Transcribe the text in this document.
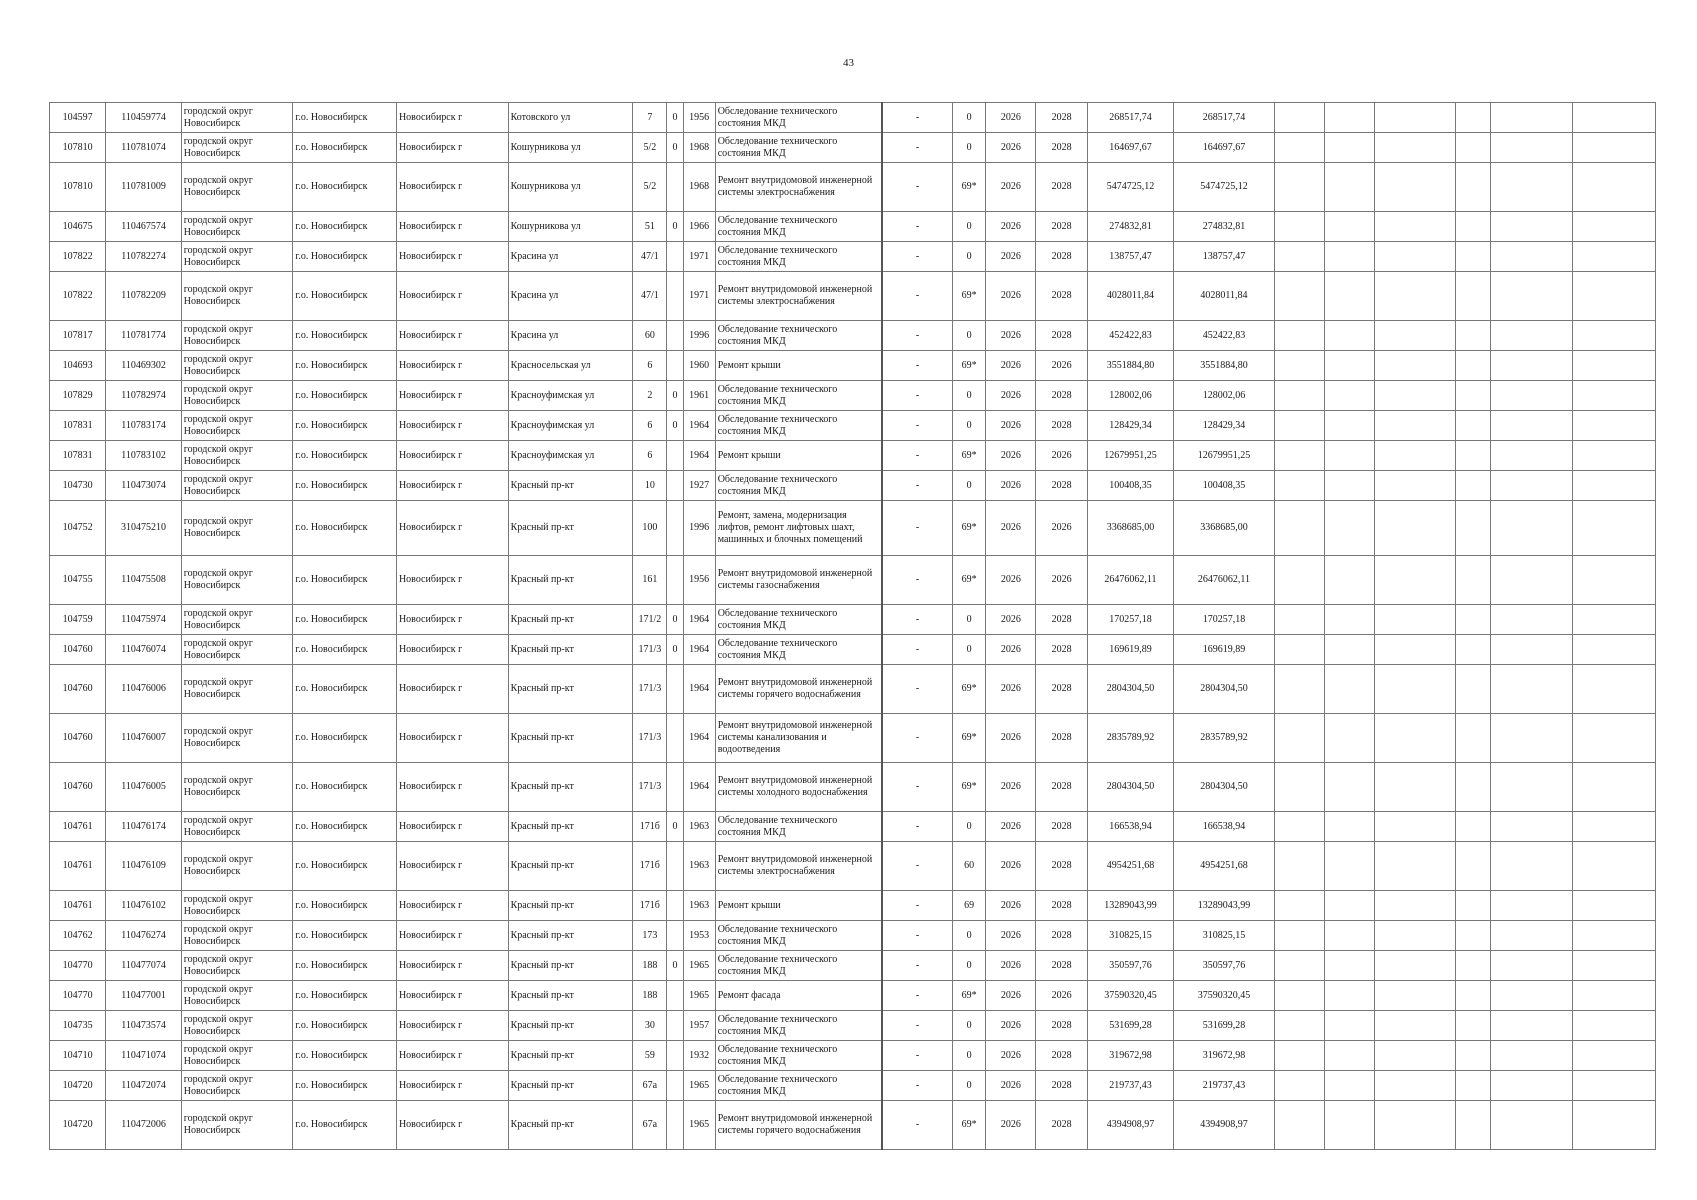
43
104597	110459774	городской округ Новосибирск	г.о. Новосибирск	Новосибирск г	Котовского ул	7	0	1956	Обследование технического состояния МКД	-	0	2026	2028	268517,74	268517,74						
107810	110781074	городской округ Новосибирск	г.о. Новосибирск	Новосибирск г	Кошурникова ул	5/2	0	1968	Обследование технического состояния МКД	-	0	2026	2028	164697,67	164697,67						
107810	110781009	городской округ Новосибирск	г.о. Новосибирск	Новосибирск г	Кошурникова ул	5/2		1968	Ремонт внутридомовой инженерной системы электроснабжения	-	69*	2026	2028	5474725,12	5474725,12						
104675	110467574	городской округ Новосибирск	г.о. Новосибирск	Новосибирск г	Кошурникова ул	51	0	1966	Обследование технического состояния МКД	-	0	2026	2028	274832,81	274832,81						
107822	110782274	городской округ Новосибирск	г.о. Новосибирск	Новосибирск г	Красина ул	47/1		1971	Обследование технического состояния МКД	-	0	2026	2028	138757,47	138757,47						
107822	110782209	городской округ Новосибирск	г.о. Новосибирск	Новосибирск г	Красина ул	47/1		1971	Ремонт внутридомовой инженерной системы электроснабжения	-	69*	2026	2028	4028011,84	4028011,84						
107817	110781774	городской округ Новосибирск	г.о. Новосибирск	Новосибирск г	Красина ул	60		1996	Обследование технического состояния МКД	-	0	2026	2028	452422,83	452422,83						
104693	110469302	городской округ Новосибирск	г.о. Новосибирск	Новосибирск г	Красносельская ул	6		1960	Ремонт крыши	-	69*	2026	2026	3551884,80	3551884,80						
107829	110782974	городской округ Новосибирск	г.о. Новосибирск	Новосибирск г	Красноуфимская ул	2	0	1961	Обследование технического состояния МКД	-	0	2026	2028	128002,06	128002,06						
107831	110783174	городской округ Новосибирск	г.о. Новосибирск	Новосибирск г	Красноуфимская ул	6	0	1964	Обследование технического состояния МКД	-	0	2026	2028	128429,34	128429,34						
107831	110783102	городской округ Новосибирск	г.о. Новосибирск	Новосибирск г	Красноуфимская ул	6		1964	Ремонт крыши	-	69*	2026	2026	12679951,25	12679951,25						
104730	110473074	городской округ Новосибирск	г.о. Новосибирск	Новосибирск г	Красный пр-кт	10		1927	Обследование технического состояния МКД	-	0	2026	2028	100408,35	100408,35						
104752	310475210	городской округ Новосибирск	г.о. Новосибирск	Новосибирск г	Красный пр-кт	100		1996	Ремонт, замена, модернизация лифтов, ремонт лифтовых шахт, машинных и блочных помещений	-	69*	2026	2026	3368685,00	3368685,00						
104755	110475508	городской округ Новосибирск	г.о. Новосибирск	Новосибирск г	Красный пр-кт	161		1956	Ремонт внутридомовой инженерной системы газоснабжения	-	69*	2026	2026	26476062,11	26476062,11						
104759	110475974	городской округ Новосибирск	г.о. Новосибирск	Новосибирск г	Красный пр-кт	171/2	0	1964	Обследование технического состояния МКД	-	0	2026	2028	170257,18	170257,18						
104760	110476074	городской округ Новосибирск	г.о. Новосибирск	Новосибирск г	Красный пр-кт	171/3	0	1964	Обследование технического состояния МКД	-	0	2026	2028	169619,89	169619,89						
104760	110476006	городской округ Новосибирск	г.о. Новосибирск	Новосибирск г	Красный пр-кт	171/3		1964	Ремонт внутридомовой инженерной системы горячего водоснабжения	-	69*	2026	2028	2804304,50	2804304,50						
104760	110476007	городской округ Новосибирск	г.о. Новосибирск	Новосибирск г	Красный пр-кт	171/3		1964	Ремонт внутридомовой инженерной системы канализования и водоотведения	-	69*	2026	2028	2835789,92	2835789,92						
104760	110476005	городской округ Новосибирск	г.о. Новосибирск	Новосибирск г	Красный пр-кт	171/3		1964	Ремонт внутридомовой инженерной системы холодного водоснабжения	-	69*	2026	2028	2804304,50	2804304,50						
104761	110476174	городской округ Новосибирск	г.о. Новосибирск	Новосибирск г	Красный пр-кт	171б	0	1963	Обследование технического состояния МКД	-	0	2026	2028	166538,94	166538,94						
104761	110476109	городской округ Новосибирск	г.о. Новосибирск	Новосибирск г	Красный пр-кт	171б		1963	Ремонт внутридомовой инженерной системы электроснабжения	-	60	2026	2028	4954251,68	4954251,68						
104761	110476102	городской округ Новосибирск	г.о. Новосибирск	Новосибирск г	Красный пр-кт	171б		1963	Ремонт крыши	-	69	2026	2028	13289043,99	13289043,99						
104762	110476274	городской округ Новосибирск	г.о. Новосибирск	Новосибирск г	Красный пр-кт	173		1953	Обследование технического состояния МКД	-	0	2026	2028	310825,15	310825,15						
104770	110477074	городской округ Новосибирск	г.о. Новосибирск	Новосибирск г	Красный пр-кт	188	0	1965	Обследование технического состояния МКД	-	0	2026	2028	350597,76	350597,76						
104770	110477001	городской округ Новосибирск	г.о. Новосибирск	Новосибирск г	Красный пр-кт	188		1965	Ремонт фасада	-	69*	2026	2026	37590320,45	37590320,45						
104735	110473574	городской округ Новосибирск	г.о. Новосибирск	Новосибирск г	Красный пр-кт	30		1957	Обследование технического состояния МКД	-	0	2026	2028	531699,28	531699,28						
104710	110471074	городской округ Новосибирск	г.о. Новосибирск	Новосибирск г	Красный пр-кт	59		1932	Обследование технического состояния МКД	-	0	2026	2028	319672,98	319672,98						
104720	110472074	городской округ Новосибирск	г.о. Новосибирск	Новосибирск г	Красный пр-кт	67а		1965	Обследование технического состояния МКД	-	0	2026	2028	219737,43	219737,43						
104720	110472006	городской округ Новосибирск	г.о. Новосибирск	Новосибирск г	Красный пр-кт	67а		1965	Ремонт внутридомовой инженерной системы горячего водоснабжения	-	69*	2026	2028	4394908,97	4394908,97						
